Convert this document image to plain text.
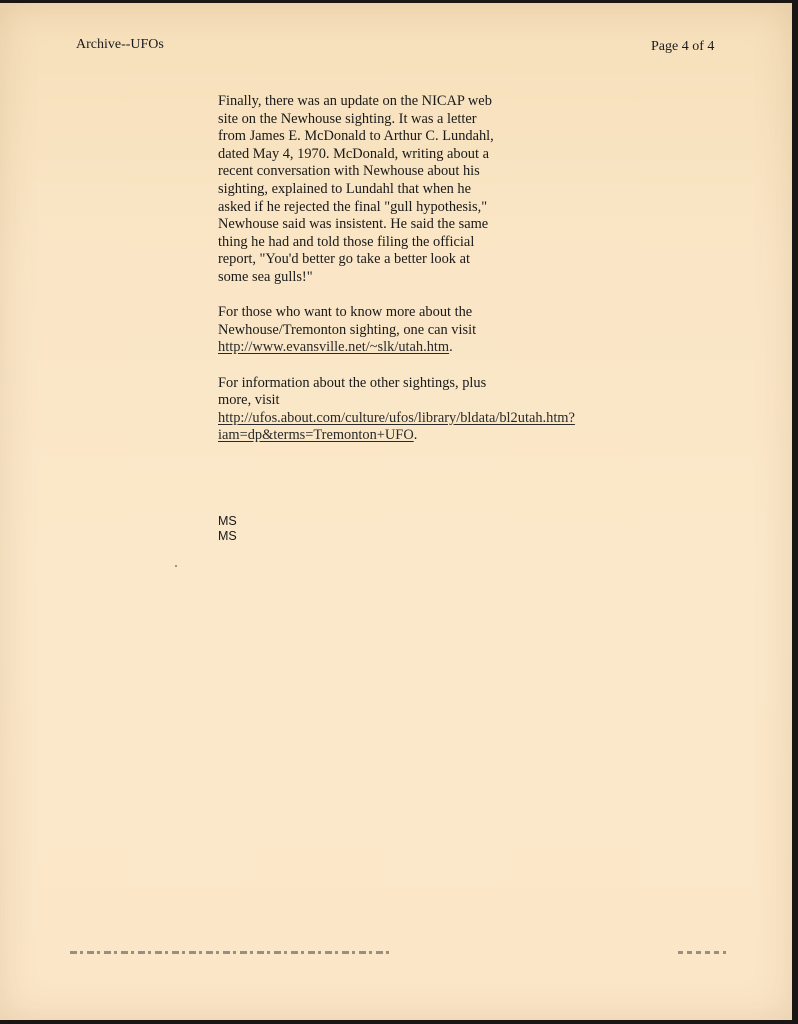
Archive--UFOs	Page 4 of 4

Finally, there was an update on the NICAP web
site on the Newhouse sighting. It was a letter
from James E. McDonald to Arthur C. Lundahl,
dated May 4, 1970. McDonald, writing about a
recent conversation with Newhouse about his
sighting, explained to Lundahl that when he
asked if he rejected the final "gull hypothesis,"
Newhouse said was insistent. He said the same
thing he had and told those filing the official
report, "You'd better go take a better look at
some sea gulls!"

For those who want to know more about the
Newhouse/Tremonton sighting, one can visit
http://www.evansville.net/~slk/utah.htm.

For information about the other sightings, plus
more, visit
http://ufos.about.com/culture/ufos/library/bldata/bl2utah.htm?
iam=dp&terms=Tremonton+UFO.

MS
MS
